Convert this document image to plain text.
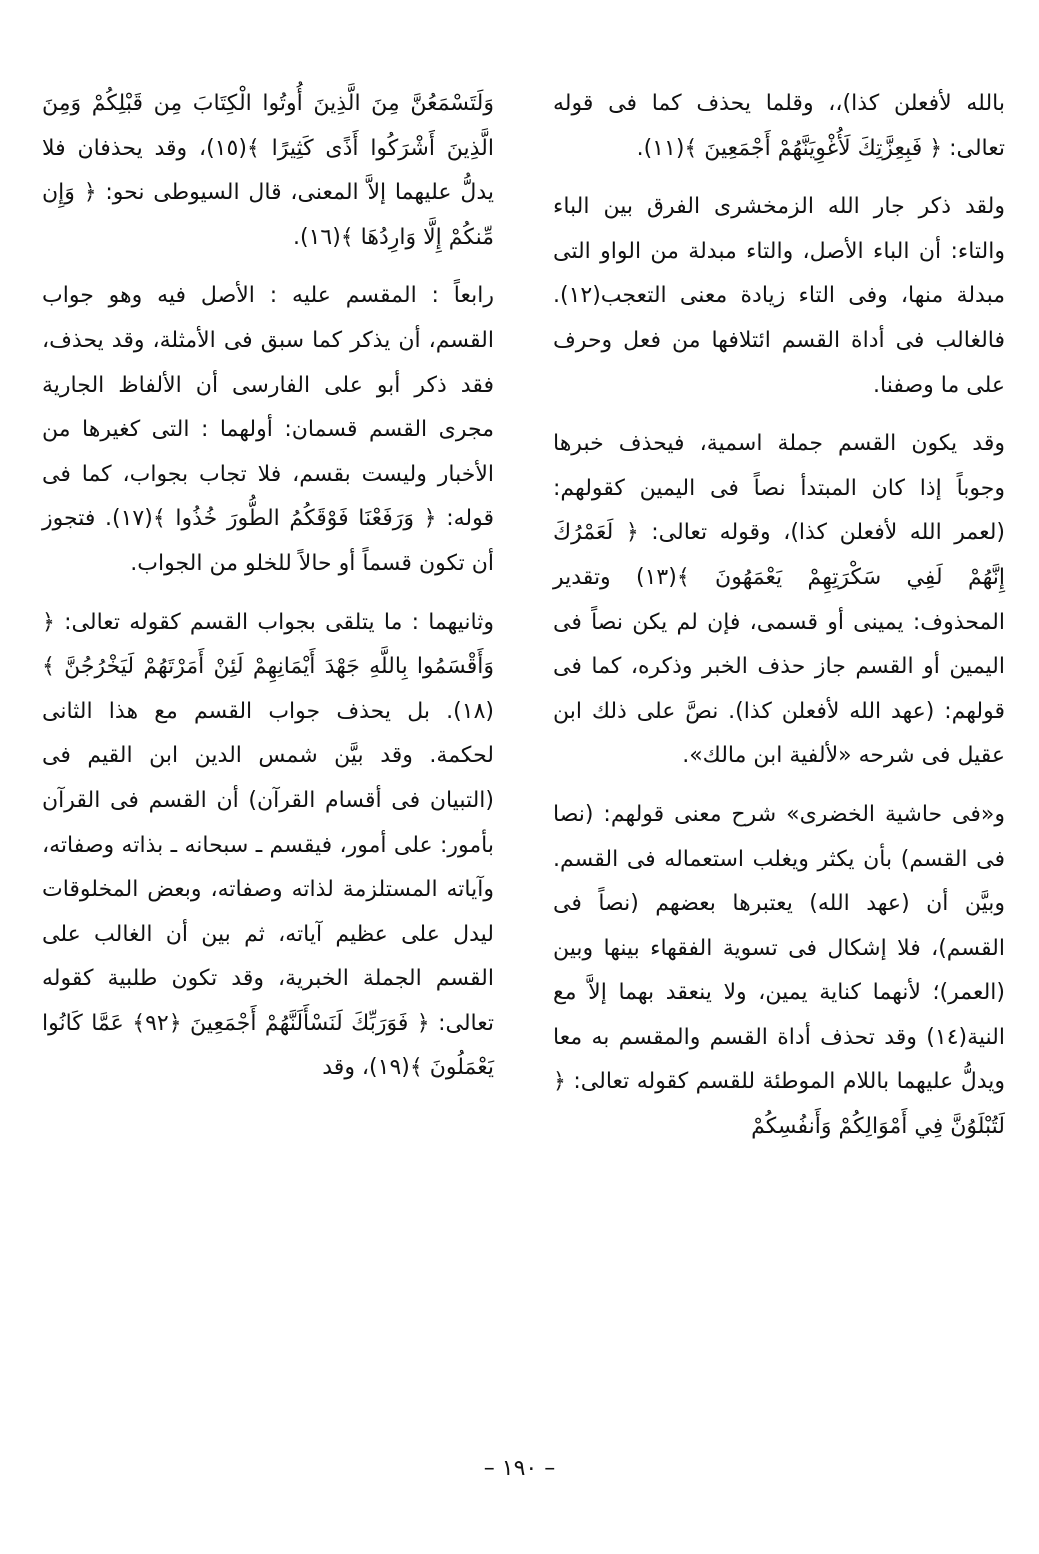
بالله لأفعلن كذا)،، وقلما يحذف كما فى قوله تعالى: ﴿ فَبِعِزَّتِكَ لَأُغْوِيَنَّهُمْ أَجْمَعِينَ ﴾(١١).

ولقد ذكر جار الله الزمخشرى الفرق بين الباء والتاء: أن الباء الأصل، والتاء مبدلة من الواو التى مبدلة منها، وفى التاء زيادة معنى التعجب(١٢). فالغالب فى أداة القسم ائتلافها من فعل وحرف على ما وصفنا.

وقد يكون القسم جملة اسمية، فيحذف خبرها وجوباً إذا كان المبتدأ نصاً فى اليمين كقولهم: (لعمر الله لأفعلن كذا)، وقوله تعالى: ﴿ لَعَمْرُكَ إِنَّهُمْ لَفِي سَكْرَتِهِمْ يَعْمَهُونَ ﴾(١٣) وتقدير المحذوف: يمينى أو قسمى، فإن لم يكن نصاً فى اليمين أو القسم جاز حذف الخبر وذكره، كما فى قولهم: (عهد الله لأفعلن كذا). نصَّ على ذلك ابن عقيل فى شرحه «لألفية ابن مالك».

و«فى حاشية الخضرى» شرح معنى قولهم: (نصا فى القسم) بأن يكثر ويغلب استعماله فى القسم. وبيَّن أن (عهد الله) يعتبرها بعضهم (نصاً فى القسم)، فلا إشكال فى تسوية الفقهاء بينها وبين (العمر)؛ لأنهما كناية يمين، ولا ينعقد بهما إلاَّ مع النية(١٤) وقد تحذف أداة القسم والمقسم به معا ويدلُّ عليهما باللام الموطئة للقسم كقوله تعالى: ﴿ لَتُبْلَوُنَّ فِي أَمْوَالِكُمْ وَأَنفُسِكُمْ

وَلَتَسْمَعُنَّ مِنَ الَّذِينَ أُوتُوا الْكِتَابَ مِن قَبْلِكُمْ وَمِنَ الَّذِينَ أَشْرَكُوا أَذًى كَثِيرًا ﴾(١٥)، وقد يحذفان فلا يدلُّ عليهما إلاَّ المعنى، قال السيوطى نحو: ﴿ وَإِن مِّنكُمْ إِلَّا وَارِدُهَا ﴾(١٦).

رابعاً : المقسم عليه : الأصل فيه وهو جواب القسم، أن يذكر كما سبق فى الأمثلة، وقد يحذف، فقد ذكر أبو على الفارسى أن الألفاظ الجارية مجرى القسم قسمان: أولهما : التى كغيرها من الأخبار وليست بقسم، فلا تجاب بجواب، كما فى قوله: ﴿ وَرَفَعْنَا فَوْقَكُمُ الطُّورَ خُذُوا ﴾(١٧). فتجوز أن تكون قسماً أو حالاً للخلو من الجواب.

وثانيهما : ما يتلقى بجواب القسم كقوله تعالى: ﴿ وَأَقْسَمُوا بِاللَّهِ جَهْدَ أَيْمَانِهِمْ لَئِنْ أَمَرْتَهُمْ لَيَخْرُجُنَّ ﴾(١٨). بل يحذف جواب القسم مع هذا الثانى لحكمة. وقد بيَّن شمس الدين ابن القيم فى (التبيان فى أقسام القرآن) أن القسم فى القرآن بأمور: على أمور، فيقسم ـ سبحانه ـ بذاته وصفاته، وآياته المستلزمة لذاته وصفاته، وبعض المخلوقات ليدل على عظيم آياته، ثم بين أن الغالب على القسم الجملة الخبرية، وقد تكون طلبية كقوله تعالى: ﴿ فَوَرَبِّكَ لَنَسْأَلَنَّهُمْ أَجْمَعِينَ ﴿٩٢﴾ عَمَّا كَانُوا يَعْمَلُونَ ﴾(١٩)، وقد

– ١٩٠ –
